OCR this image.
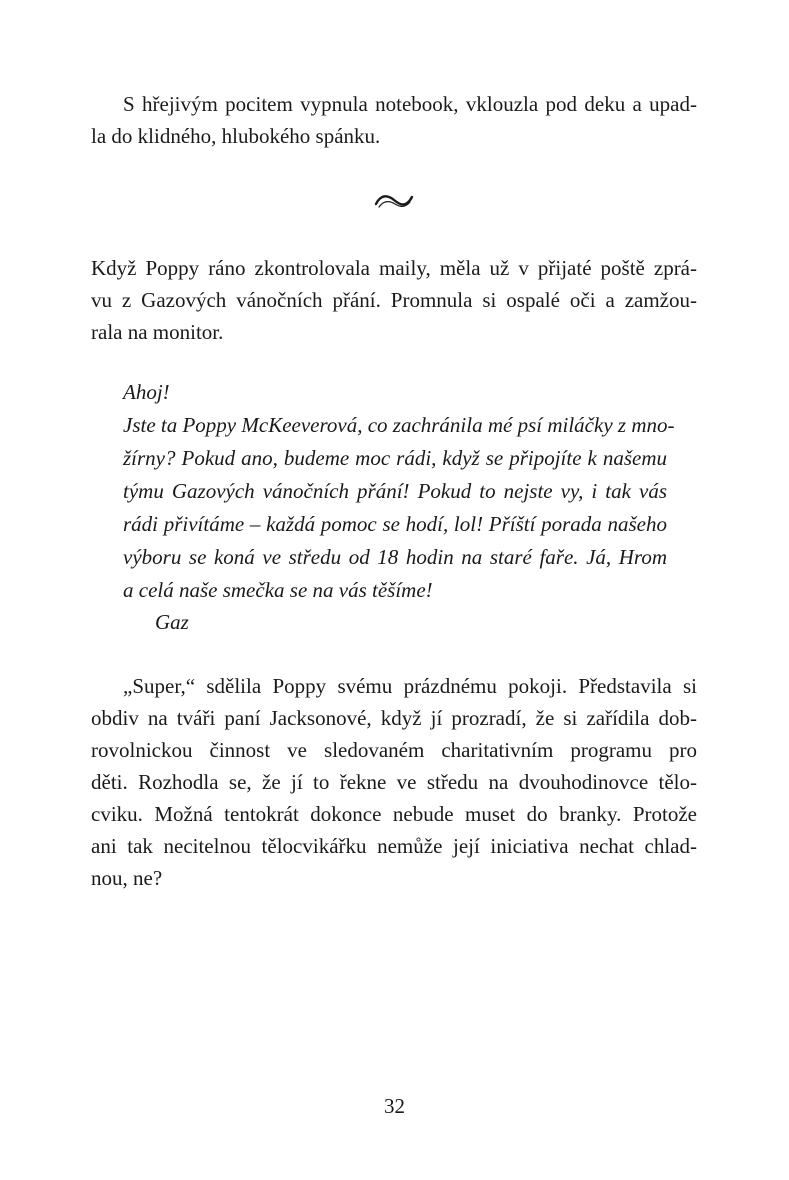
S hřejivým pocitem vypnula notebook, vklouzla pod deku a upad-
la do klidného, hlubokého spánku.
Když Poppy ráno zkontrolovala maily, měla už v přijaté poště zprá-
vu z Gazových vánočních přání. Promnula si ospalé oči a zamžou-
rala na monitor.
Ahoj!
Jste ta Poppy McKeeverová, co zachránila mé psí miláčky z mno-
žírny? Pokud ano, budeme moc rádi, když se připojíte k našemu
týmu Gazových vánočních přání! Pokud to nejste vy, i tak vás
rádi přivítáme – každá pomoc se hodí, lol! Příští porada našeho
výboru se koná ve středu od 18 hodin na staré faře. Já, Hrom
a celá naše smečka se na vás těšíme!
Gaz
„Super,“ sdělila Poppy svému prázdnému pokoji. Představila si
obdiv na tváři paní Jacksonové, když jí prozradí, že si zařídila dob-
rovolnickou činnost ve sledovaném charitativním programu pro
děti. Rozhodla se, že jí to řekne ve středu na dvouhodinovce tělo-
cviku. Možná tentokrát dokonce nebude muset do branky. Protože
ani tak necitelnou tělocvikářku nemůže její iniciativa nechat chlad-
nou, ne?
32
